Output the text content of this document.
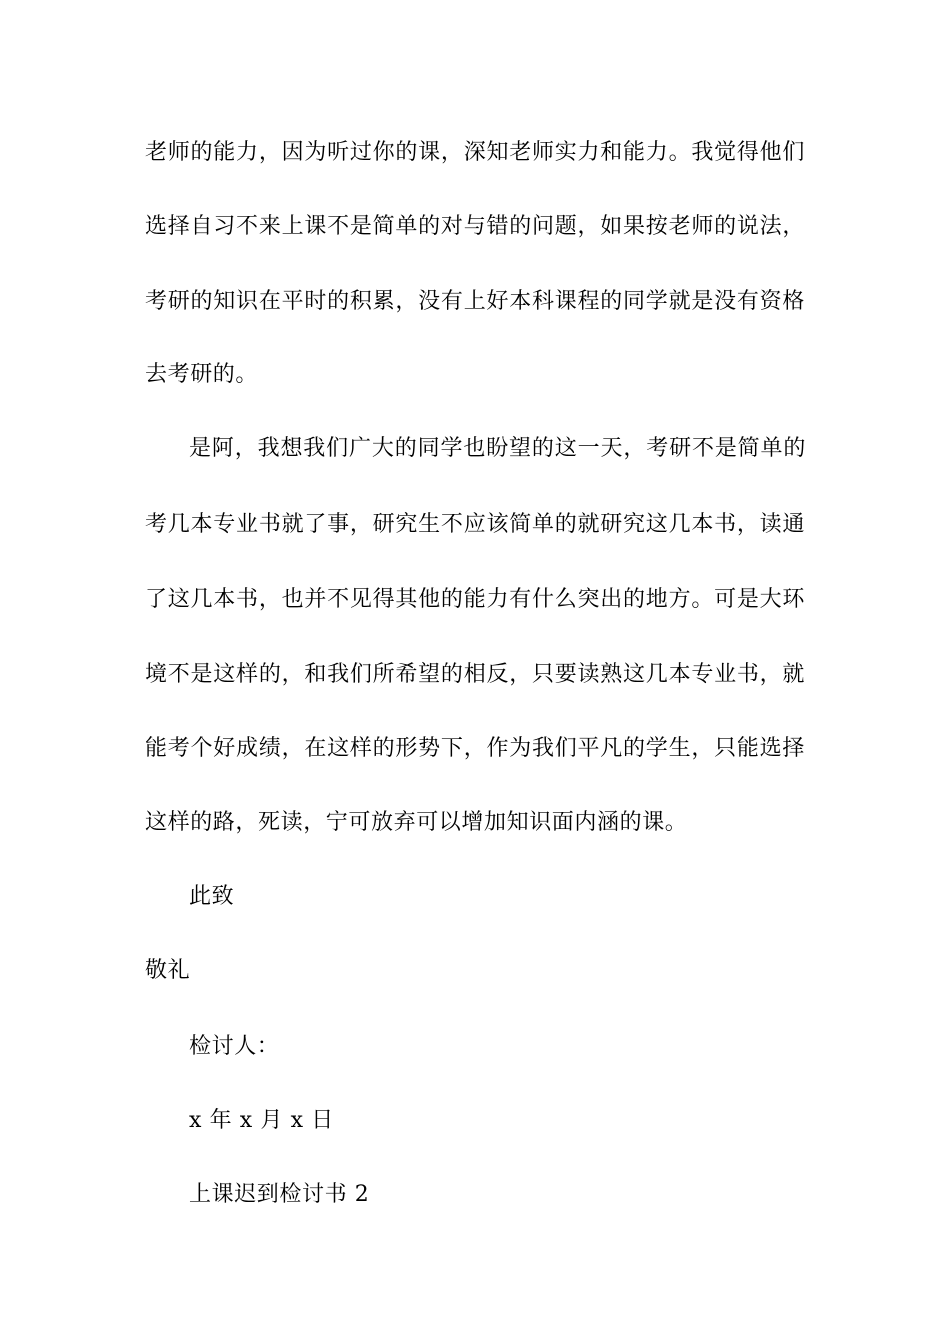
老师的能力，因为听过你的课，深知老师实力和能力。我觉得他们
选择自习不来上课不是简单的对与错的问题，如果按老师的说法，
考研的知识在平时的积累，没有上好本科课程的同学就是没有资格
去考研的。
是阿，我想我们广大的同学也盼望的这一天，考研不是简单的
考几本专业书就了事，研究生不应该简单的就研究这几本书，读通
了这几本书，也并不见得其他的能力有什么突出的地方。可是大环
境不是这样的，和我们所希望的相反，只要读熟这几本专业书，就
能考个好成绩，在这样的形势下，作为我们平凡的学生，只能选择
这样的路，死读，宁可放弃可以增加知识面内涵的课。
此致
敬礼
检讨人：
x 年 x 月 x 日
上课迟到检讨书 2
